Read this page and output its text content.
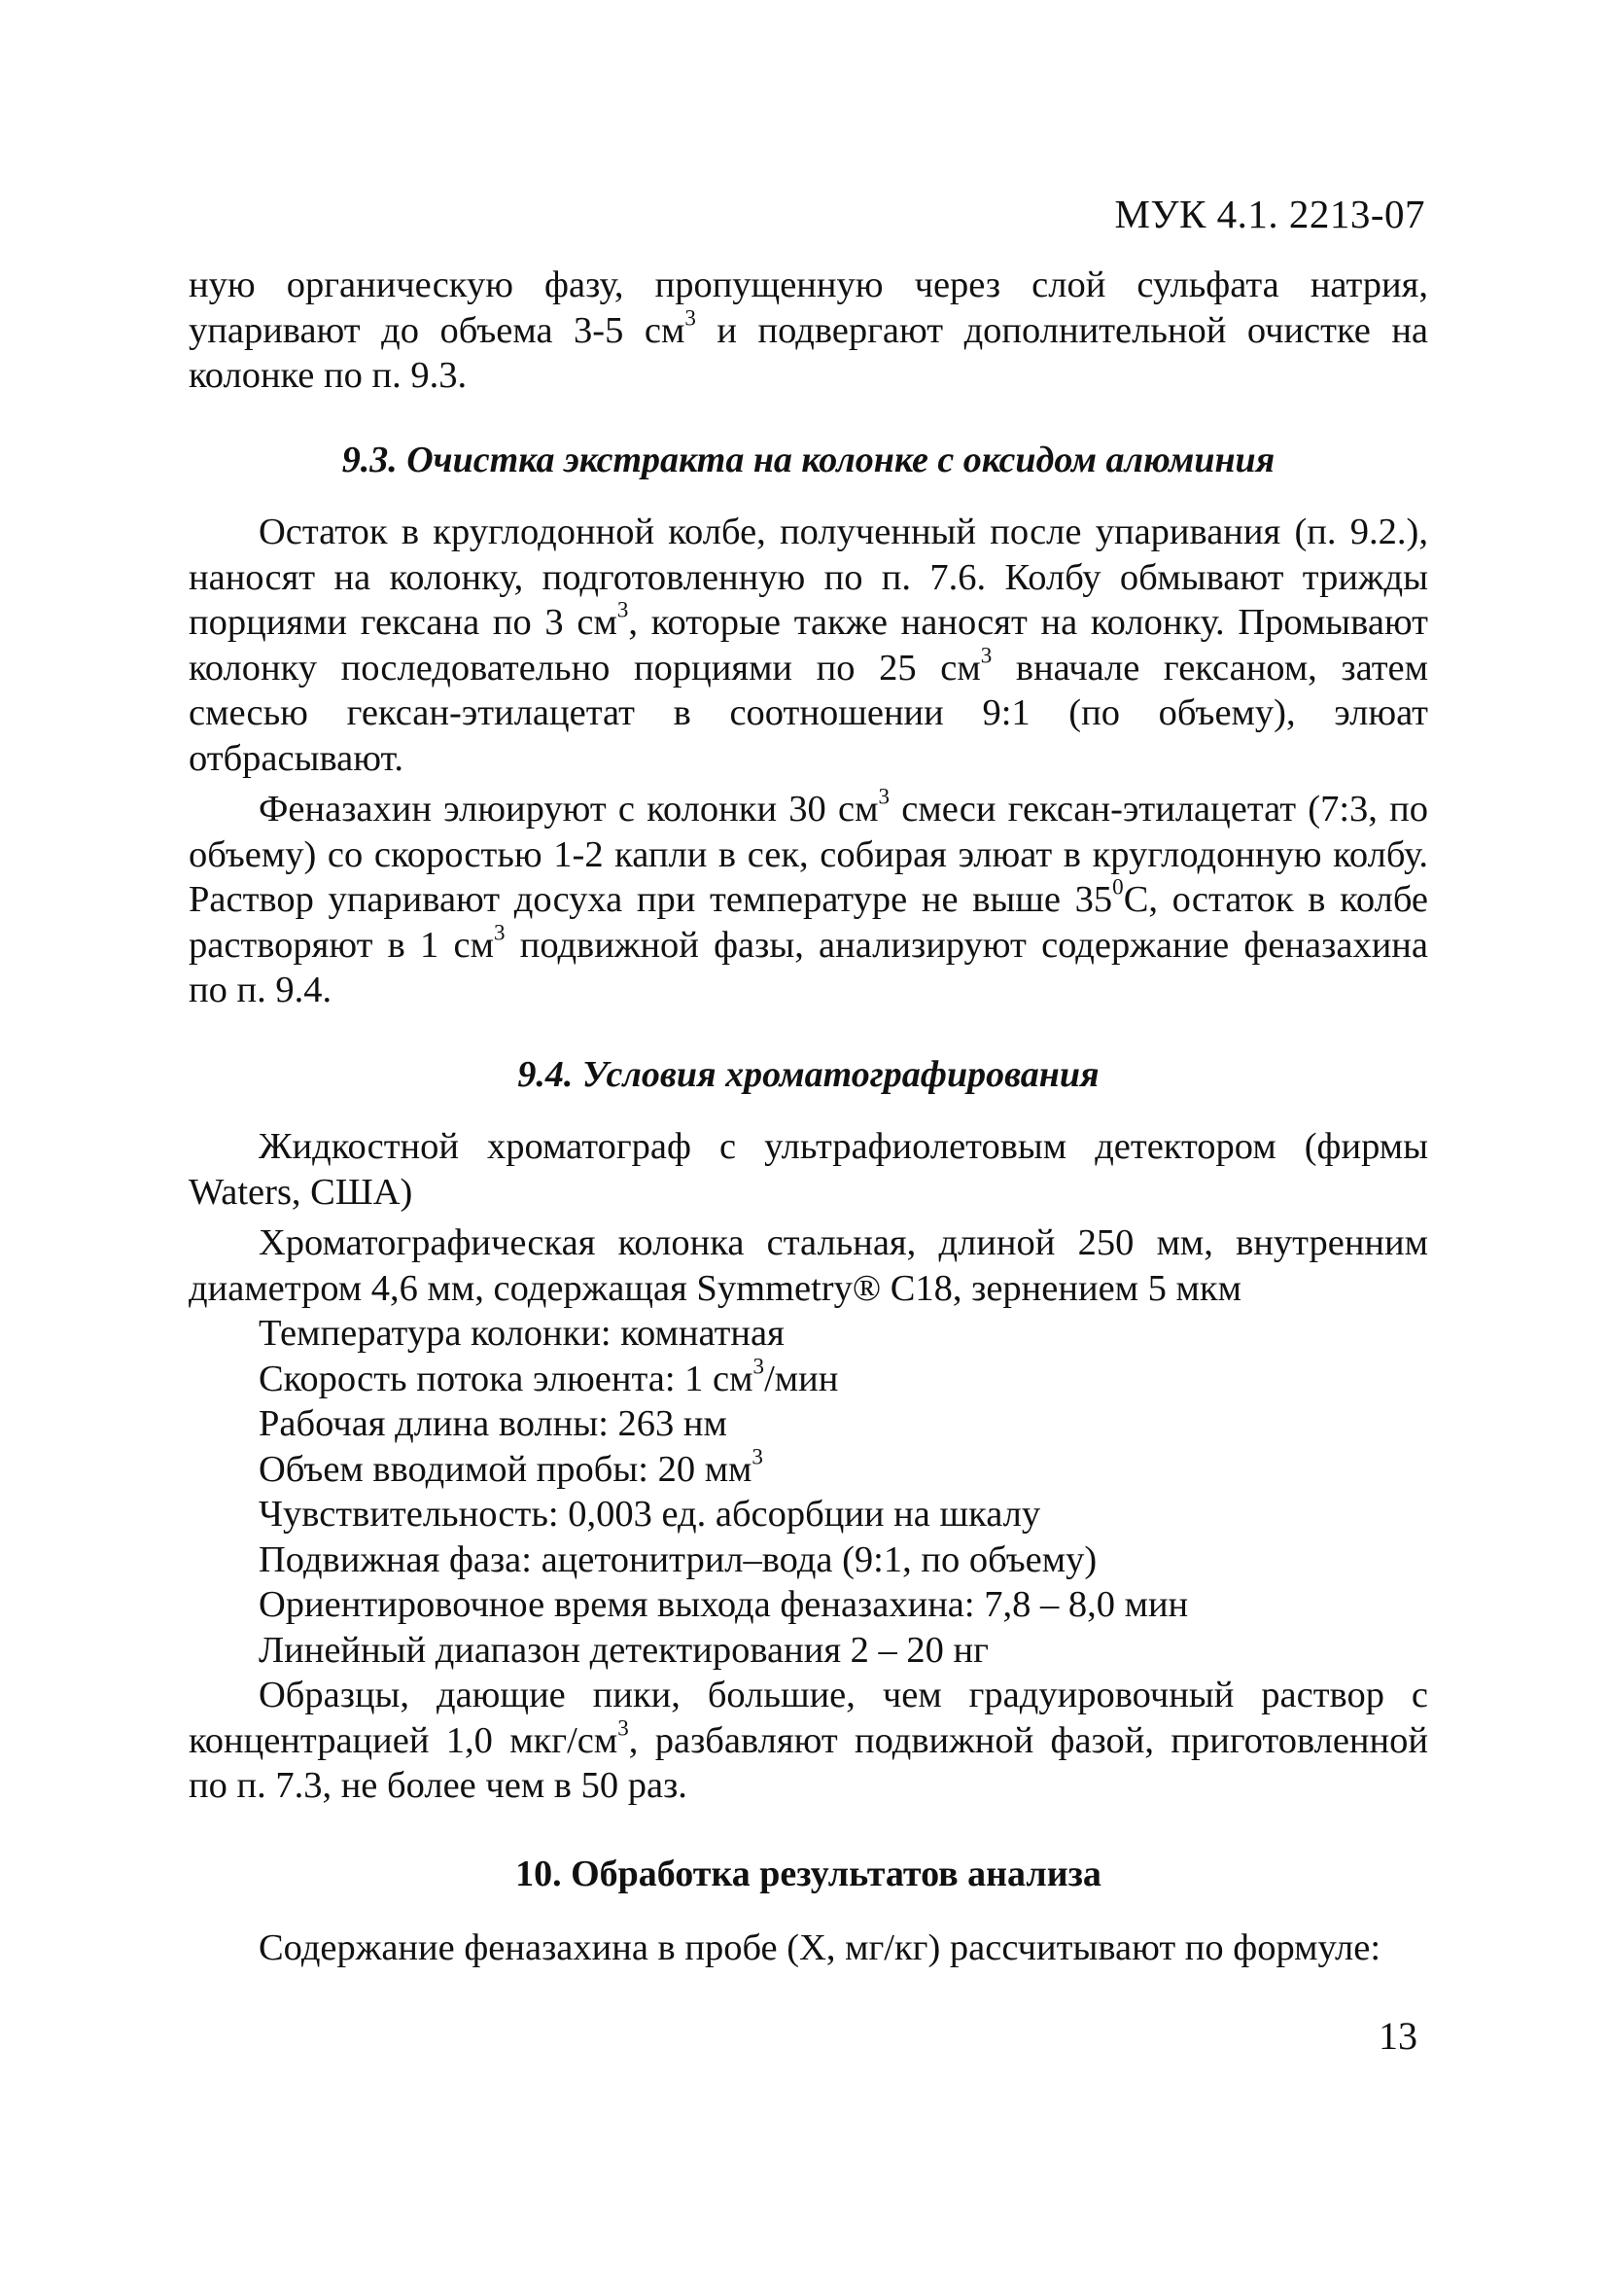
МУК 4.1. 2213-07

ную органическую фазу, пропущенную через слой сульфата натрия, упаривают до объема 3-5 $см^3$ и подвергают дополнительной очистке на колонке по п. 9.3.

9.3. Очистка экстракта на колонке с оксидом алюминия

Остаток в круглодонной колбе, полученный после упаривания (п. 9.2.), наносят на колонку, подготовленную по п. 7.6. Колбу обмывают трижды порциями гексана по 3 $см^3$, которые также наносят на колонку. Промывают колонку последовательно порциями по 25 $см^3$ вначале гексаном, затем смесью гексан-этилацетат в соотношении 9:1 (по объему), элюат отбрасывают.

Феназахин элюируют с колонки 30 $см^3$ смеси гексан-этилацетат (7:3, по объему) со скоростью 1-2 капли в сек, собирая элюат в круглодонную колбу. Раствор упаривают досуха при температуре не выше $35^0С$, остаток в колбе растворяют в 1 $см^3$ подвижной фазы, анализируют содержание феназахина по п. 9.4.

9.4. Условия хроматографирования

Жидкостной хроматограф с ультрафиолетовым детектором (фирмы Waters, США)

Хроматографическая колонка стальная, длиной 250 мм, внутренним диаметром 4,6 мм, содержащая Symmetry® C18, зернением 5 мкм

Температура колонки: комнатная

Скорость потока элюента: 1 $см^3$/мин

Рабочая длина волны: 263 нм

Объем вводимой пробы: 20 $мм^3$

Чувствительность: 0,003 ед. абсорбции на шкалу

Подвижная фаза: ацетонитрил–вода (9:1, по объему)

Ориентировочное время выхода феназахина: 7,8 – 8,0 мин

Линейный диапазон детектирования 2 – 20 нг

Образцы, дающие пики, большие, чем градуировочный раствор с концентрацией 1,0 мкг/$см^3$, разбавляют подвижной фазой, приготовленной по п. 7.3, не более чем в 50 раз.

10. Обработка результатов анализа

Содержание феназахина в пробе (X, мг/кг) рассчитывают по формуле:

13
